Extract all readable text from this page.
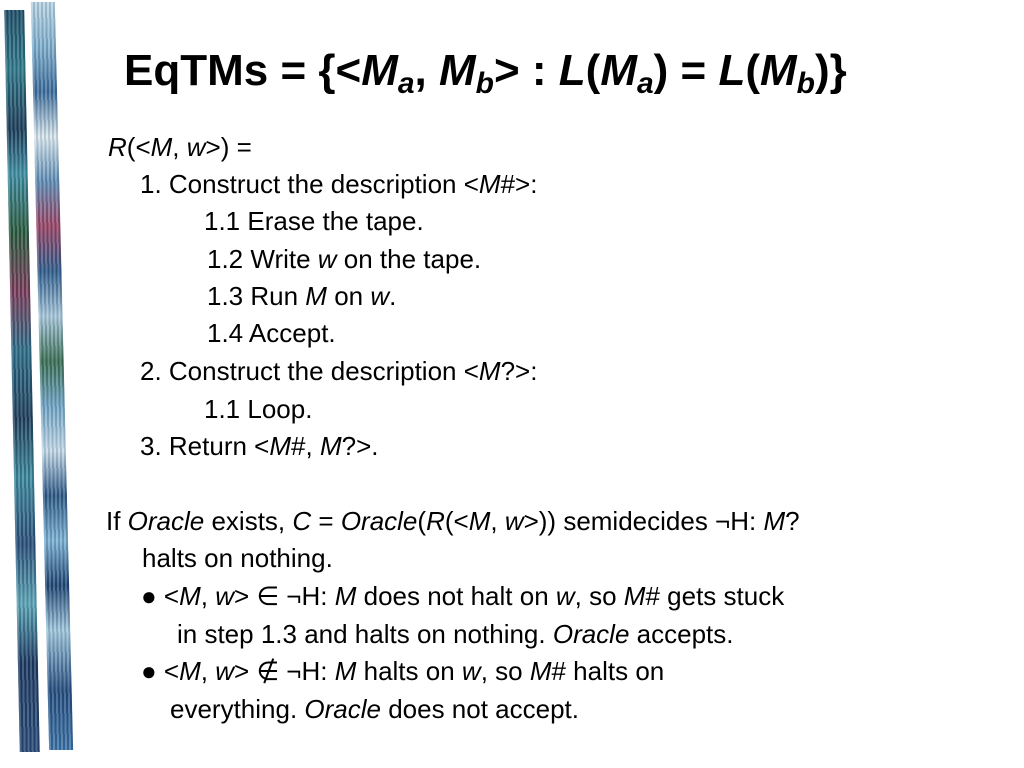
EqTMs = {$<M_a$, $M_b>$ : $L(M_a) = L(M_b)$}
R(<M, w>) =
1. Construct the description <M#>:
1.1 Erase the tape.
1.2 Write w on the tape.
1.3 Run M on w.
1.4 Accept.
2. Construct the description <M?>:
1.1 Loop.
3. Return <M#, M?>.
If Oracle exists, C = Oracle(R(<M, w>)) semidecides ¬H: M?
halts on nothing.
● <M, w> ∈ ¬H: M does not halt on w, so M# gets stuck
in step 1.3 and halts on nothing. Oracle accepts.
● <M, w> ∉ ¬H: M halts on w, so M# halts on
everything. Oracle does not accept.
